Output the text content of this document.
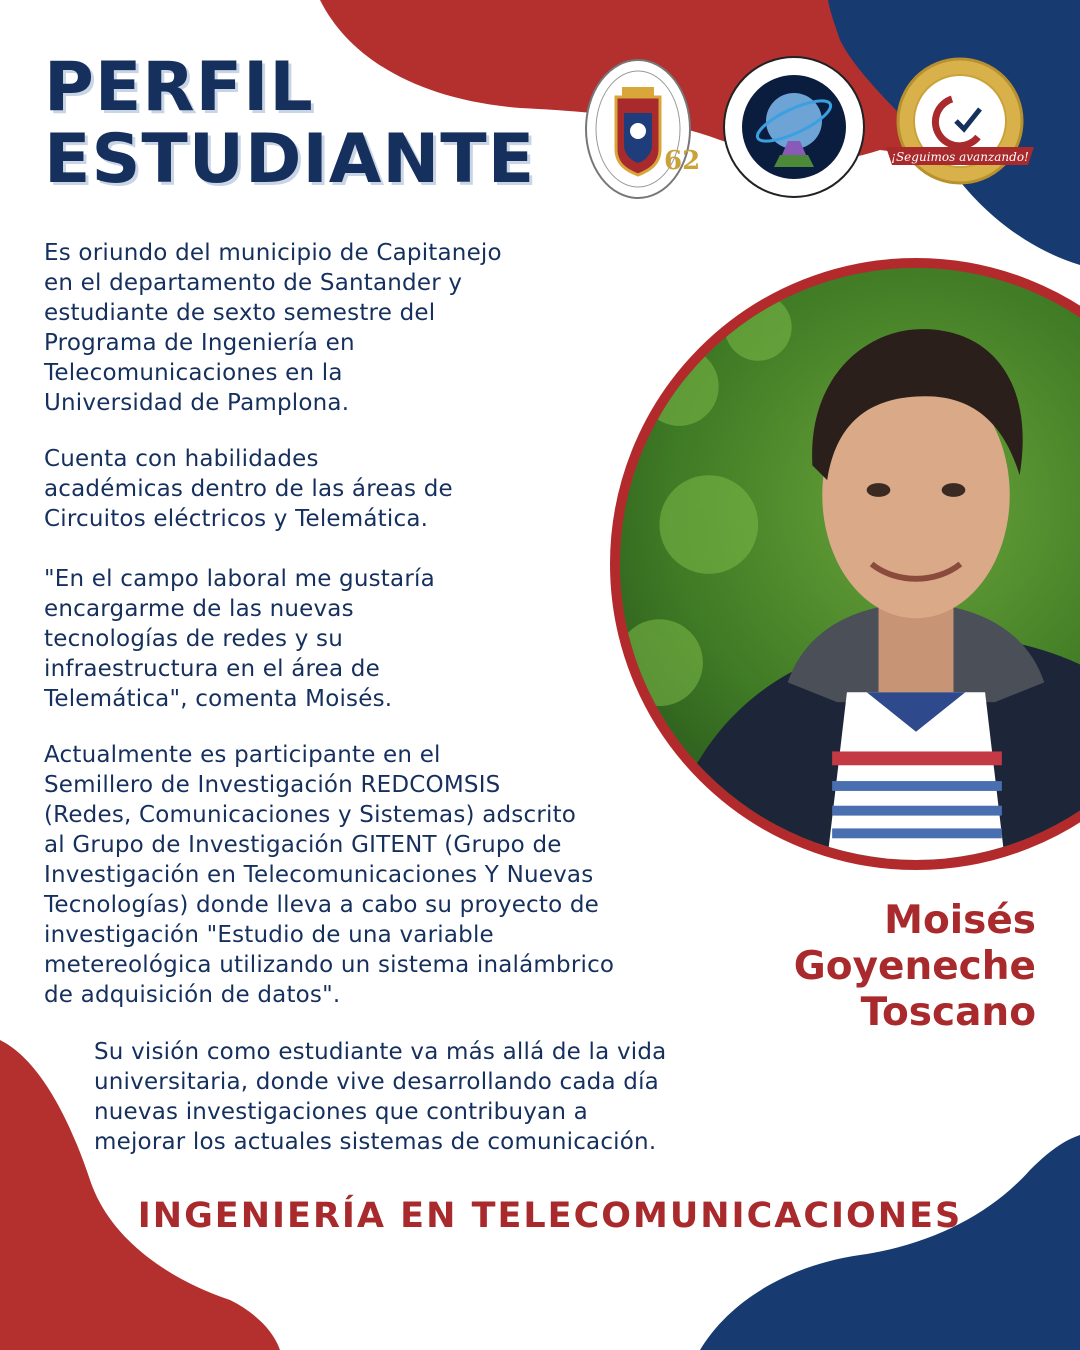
PERFIL
ESTUDIANTE	62	¡Seguimos avanzando!
Es oriundo del municipio de Capitanejo
en el departamento de Santander y
estudiante de sexto semestre del
Programa de Ingeniería en
Telecomunicaciones en la
Universidad de Pamplona.
Cuenta con habilidades
académicas dentro de las áreas de
Circuitos eléctricos y Telemática.
"En el campo laboral me gustaría
encargarme de las nuevas
tecnologías de redes y su
infraestructura en el área de
Telemática", comenta Moisés.
Actualmente es participante en el
Semillero de Investigación REDCOMSIS
(Redes, Comunicaciones y Sistemas) adscrito
al Grupo de Investigación GITENT (Grupo de
Investigación en Telecomunicaciones Y Nuevas
Tecnologías) donde lleva a cabo su proyecto de
investigación "Estudio de una variable
metereológica utilizando un sistema inalámbrico
de adquisición de datos".
Su visión como estudiante va más allá de la vida
universitaria, donde vive desarrollando cada día
nuevas investigaciones que contribuyan a
mejorar los actuales sistemas de comunicación.
Moisés
Goyeneche
Toscano
INGENIERÍA EN TELECOMUNICACIONES
